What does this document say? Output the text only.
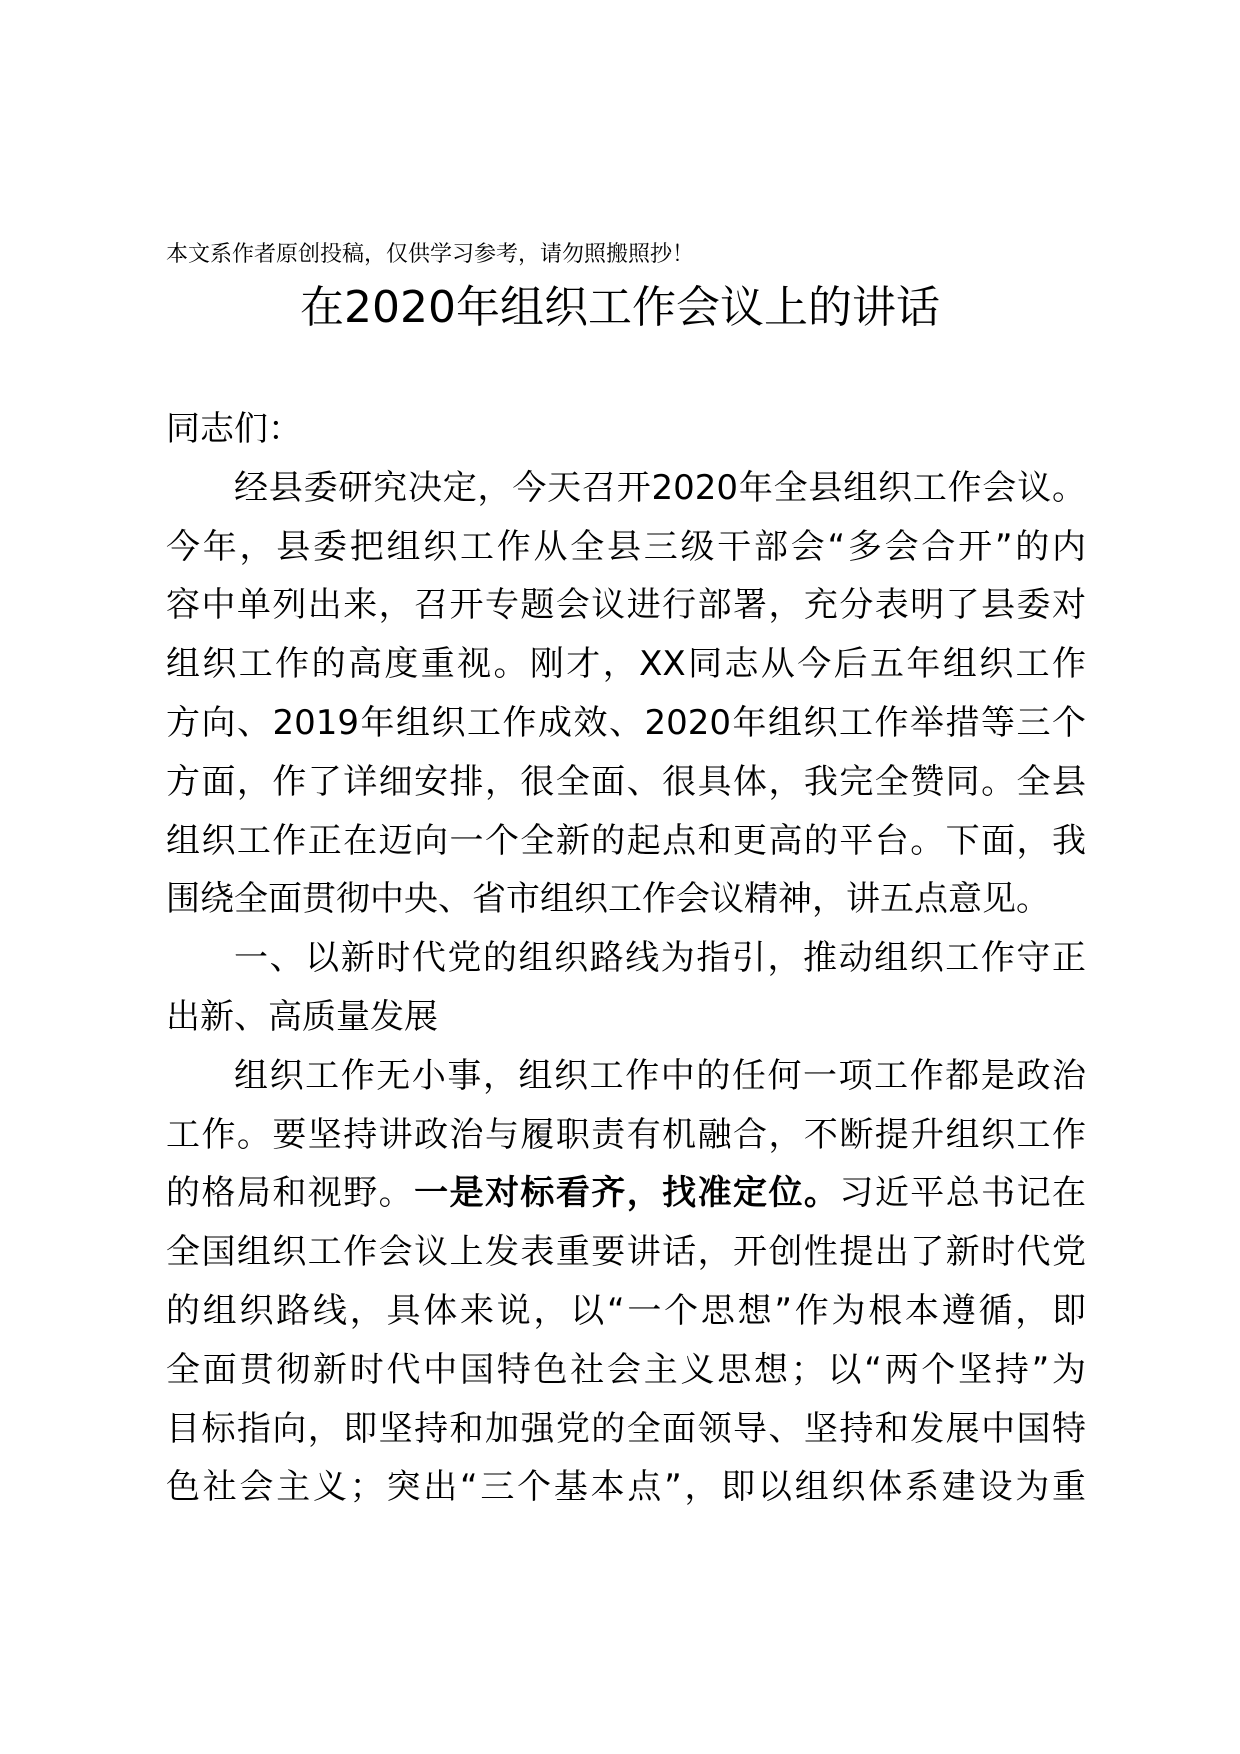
本文系作者原创投稿，仅供学习参考，请勿照搬照抄！
在2020年组织工作会议上的讲话
同志们：
经县委研究决定，今天召开2020年全县组织工作会议。
今年，县委把组织工作从全县三级干部会“多会合开”的内
容中单列出来，召开专题会议进行部署，充分表明了县委对
组织工作的高度重视。刚才，XX同志从今后五年组织工作
方向、2019年组织工作成效、2020年组织工作举措等三个
方面，作了详细安排，很全面、很具体，我完全赞同。全县
组织工作正在迈向一个全新的起点和更高的平台。下面，我
围绕全面贯彻中央、省市组织工作会议精神，讲五点意见。
一、以新时代党的组织路线为指引，推动组织工作守正
出新、高质量发展
组织工作无小事，组织工作中的任何一项工作都是政治
工作。要坚持讲政治与履职责有机融合，不断提升组织工作
的格局和视野。一是对标看齐，找准定位。习近平总书记在
全国组织工作会议上发表重要讲话，开创性提出了新时代党
的组织路线，具体来说，以“一个思想”作为根本遵循，即
全面贯彻新时代中国特色社会主义思想；以“两个坚持”为
目标指向，即坚持和加强党的全面领导、坚持和发展中国特
色社会主义；突出“三个基本点”，即以组织体系建设为重
